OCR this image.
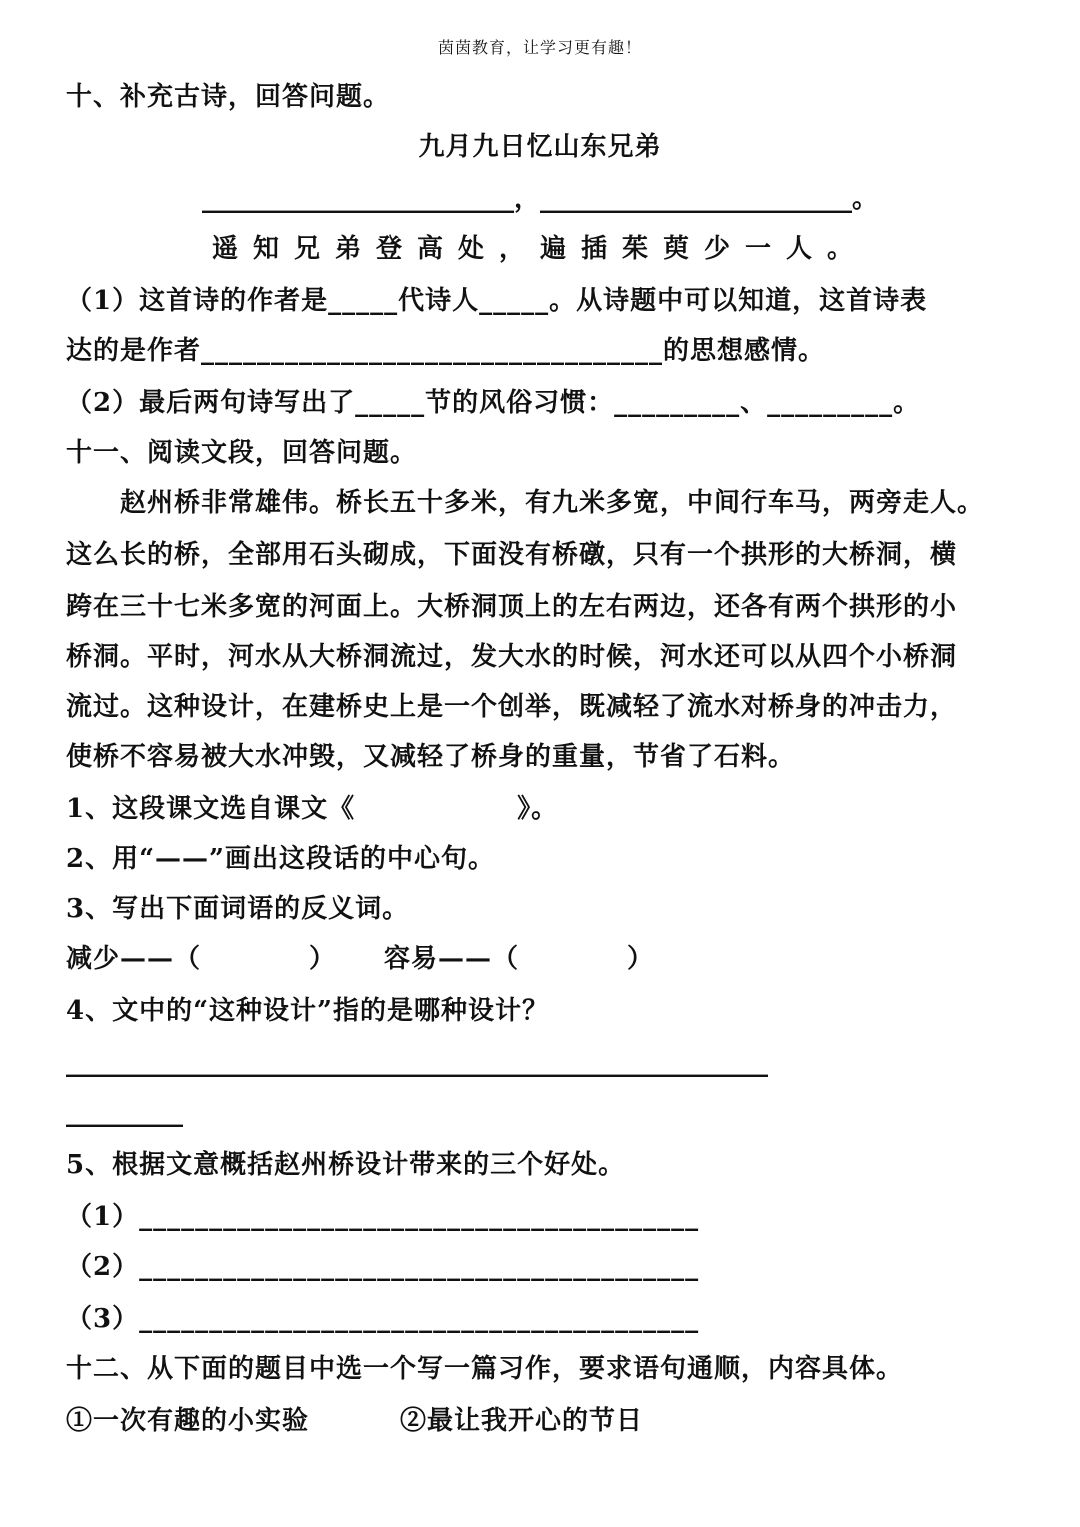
茵茵教育，让学习更有趣！
十、补充古诗，回答问题。
九月九日忆山东兄弟
________________________，________________________。
遥知兄弟登高处，遍插茱萸少一人。
（1）这首诗的作者是_____代诗人_____。从诗题中可以知道，这首诗表
达的是作者_________________________________的思想感情。
（2）最后两句诗写出了_____节的风俗习惯：_________、_________。
十一、阅读文段，回答问题。
　　赵州桥非常雄伟。桥长五十多米，有九米多宽，中间行车马，两旁走人。
这么长的桥，全部用石头砌成，下面没有桥礅，只有一个拱形的大桥洞，横
跨在三十七米多宽的河面上。大桥洞顶上的左右两边，还各有两个拱形的小
桥洞。平时，河水从大桥洞流过，发大水的时候，河水还可以从四个小桥洞
流过。这种设计，在建桥史上是一个创举，既减轻了流水对桥身的冲击力，
使桥不容易被大水冲毁，又减轻了桥身的重量，节省了石料。
1、这段课文选自课文《　　　　　　》。
2、用“——”画出这段话的中心句。
3、写出下面词语的反义词。
减少——（　　　　） 容易——（　　　　）
4、文中的“这种设计”指的是哪种设计？
______________________________________________________
_________
5、根据文意概括赵州桥设计带来的三个好处。
（1）________________________________________
（2）________________________________________
（3）________________________________________
十二、从下面的题目中选一个写一篇习作，要求语句通顺，内容具体。
①一次有趣的小实验	②最让我开心的节日
